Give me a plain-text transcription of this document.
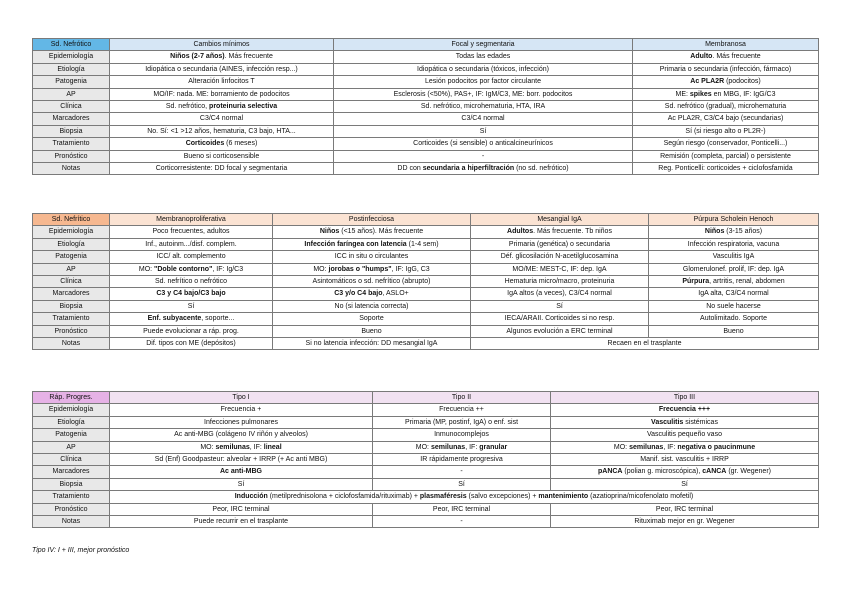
Sd. Nefrótico	Cambios mínimos	Focal y segmentaria	Membranosa
Epidemiología	Niños (2-7 años). Más frecuente	Todas las edades	Adulto. Más frecuente
Etiología	Idiopática o secundaria (AINES, infección resp...)	Idiopática o secundaria (tóxicos, infección)	Primaria o secundaria (infección, fármaco)
Patogenia	Alteración linfocitos T	Lesión podocitos por factor circulante	Ac PLA2R (podocitos)
AP	MO/IF: nada. ME: borramiento de podocitos	Esclerosis (<50%), PAS+, IF: IgM/C3, ME: borr. podocitos	ME: spikes en MBG, IF: IgG/C3
Clínica	Sd. nefrótico, proteinuria selectiva	Sd. nefrótico, microhematuria, HTA, IRA	Sd. nefrótico (gradual), microhematuria
Marcadores	C3/C4 normal	C3/C4 normal	Ac PLA2R, C3/C4 bajo (secundarias)
Biopsia	No. Sí: <1 >12 años, hematuria, C3 bajo, HTA...	Sí	Sí (si riesgo alto o PL2R-)
Tratamiento	Corticoides (6 meses)	Corticoides (si sensible) o anticalcineurínicos	Según riesgo (conservador, Ponticelli...)
Pronóstico	Bueno si corticosensible	-	Remisión (completa, parcial) o persistente
Notas	Corticorresistente: DD focal y segmentaria	DD con secundaria a hiperfiltración (no sd. nefrótico)	Reg. Ponticelli: corticoides + ciclofosfamida
Sd. Nefrítico	Membranoproliferativa	Postinfecciosa	Mesangial IgA	Púrpura Scholein Henoch	
Epidemiología	Poco frecuentes, adultos	Niños (<15 años). Más frecuente	Adultos. Más frecuente. Tb niños	Niños (3-15 años)	
Etiología	Inf., autoinm.../disf. complem.	Infección faríngea con latencia (1-4 sem)	Primaria (genética) o secundaria	Infección respiratoria, vacuna	
Patogenia	ICC/ alt. complemento	ICC in situ o circulantes	Déf. glicosilación N-acetilglucosamina	Vasculitis IgA	
AP	MO: "Doble contorno", IF: Ig/C3	MO: jorobas o "humps", IF: IgG, C3	MO/ME: MEST-C, IF: dep. IgA	Glomerulonef. prolif, IF: dep. IgA	
Clínica	Sd. nefrítico o nefrótico	Asintomáticos o sd. nefrítico (abrupto)	Hematuria micro/macro, proteinuria	Púrpura, artritis, renal, abdomen	
Marcadores	C3 y C4 bajo/C3 bajo	C3 y/o C4 bajo, ASLO+	IgA altos (a veces), C3/C4 normal	IgA alta, C3/C4 normal	
Biopsia	Sí	No (si latencia correcta)	Sí	No suele hacerse	
Tratamiento	Enf. subyacente, soporte...	Soporte	IECA/ARAII. Corticoides si no resp.	Autolimitado. Soporte	
Pronóstico	Puede evolucionar a ráp. prog.	Bueno	Algunos evolución a ERC terminal	Bueno	
Notas	Dif. tipos con ME (depósitos)	Si no latencia infección: DD mesangial IgA	Recaen en el trasplante	
Ráp. Progres.	Tipo I	Tipo II	Tipo III
Epidemiología	Frecuencia +	Frecuencia ++	Frecuencia +++
Etiología	Infecciones pulmonares	Primaria (MP, postinf, IgA) o enf. sist	Vasculitis sistémicas
Patogenia	Ac anti-MBG (colágeno IV riñón y alveolos)	Inmunocomplejos	Vasculitis pequeño vaso
AP	MO: semilunas, IF: lineal	MO: semilunas, IF: granular	MO: semilunas, IF: negativa o paucinmune
Clínica	Sd (Enf) Goodpasteur: alveolar + IRRP (+ Ac anti MBG)	IR rápidamente progresiva	Manif. sist. vasculitis + IRRP
Marcadores	Ac anti-MBG	-	pANCA (polian g. microscópica), cANCA (gr. Wegener)
Biopsia	Sí	Sí	Sí
Tratamiento	Inducción (metilprednisolona + ciclofosfamida/rituximab) + plasmaféresis (salvo excepciones) + mantenimiento (azatioprina/micofenolato mofetil)		
Pronóstico	Peor, IRC terminal	Peor, IRC terminal	Peor, IRC terminal
Notas	Puede recurrir en el trasplante	-	Rituximab mejor en gr. Wegener
Tipo IV: I + III, mejor pronóstico
